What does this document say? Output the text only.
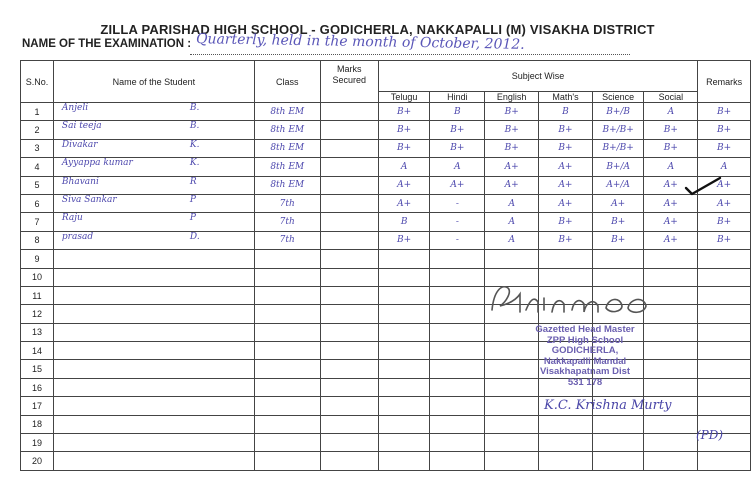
ZILLA PARISHAD HIGH SCHOOL - GODICHERLA, NAKKAPALLI (M) VISAKHA DISTRICT
NAME OF THE EXAMINATION : Quarterly, held in the month of October, 2012.
S.No.	Name of the Student	Class	Marks Secured	Subject Wise						Remarks
				Telugu	Hindi	English	Math's	Science	Social	
1	Anjeli B.	8th EM		B+	B	B+	B	B+/B	A	B+
2	Sai teeja B.	8th EM		B+	B+	B+	B+	B+/B+	B+	B+
3	Divakar K.	8th EM		B+	B+	B+	B+	B+/B+	B+	B+
4	Ayyappa kumar K.	8th EM		A	A	A+	A+	B+/A	A	A
5	Bhavani R	8th EM		A+	A+	A+	A+	A+/A	A+	A+
6	Siva Sankar P	7th		A+	-	A	A+	A+	A+	A+
7	Raju P	7th		B	-	A	B+	B+	A+	B+
8	prasad D.	7th		B+	-	A	B+	B+	A+	B+
9	

10	

11	

12	

13	

14	

15	

16	

17	

18	

19	

20	

Rinimoo
Gazetted Head Master
ZPP High School
GODICHERLA,
Nakkapalli Mandal
Visakhapatnam Dist
531 178
K.C. Krishna Murty
(PD)
